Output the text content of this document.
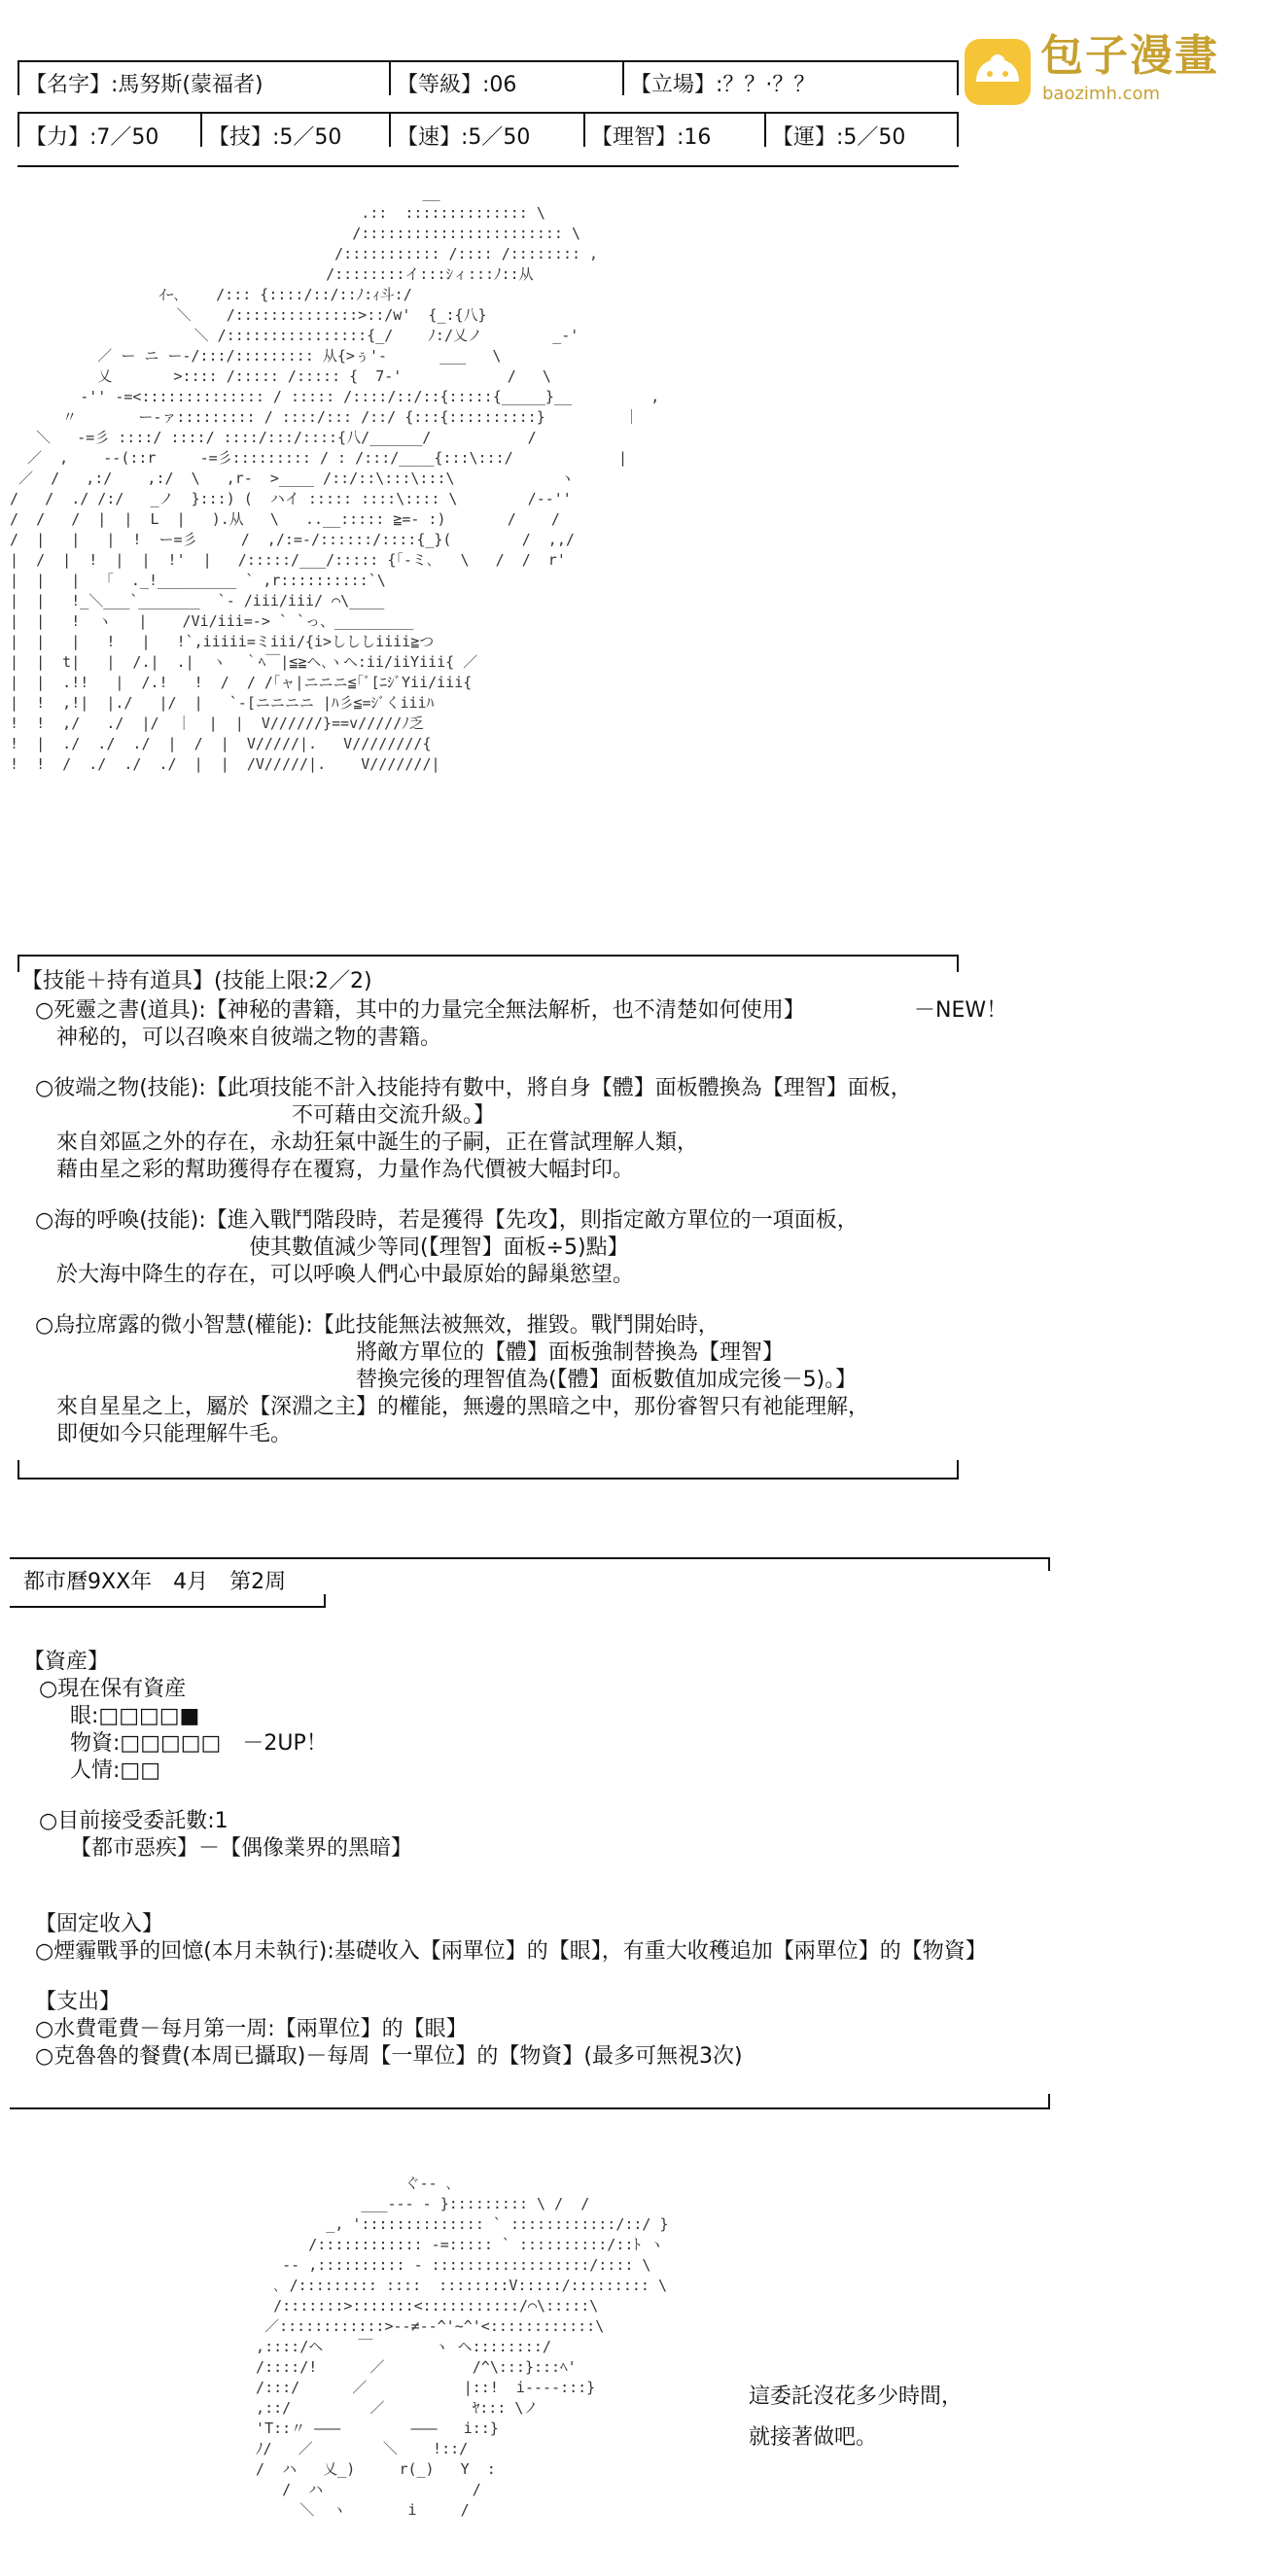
包子漫畫
baozimh.com
【名字】:馬努斯(蒙福者)	【等級】:06	【立場】:？？·？？
【力】:7／50 【技】:5／50	【速】:5／50	【理智】:16	【運】:5／50
__
.::  :::::::::::::: \
/::::::::::::::::::::::: \
/::::::::::: /:::: /:::::::: ,
/::::::::イ:::ｼィ:::ﾉ::从
ｲｰ､    /::: {::::/::/::ﾉ:ｨ斗:/
＼    /::::::::::::::>::/w'  {_:{八}
＼ /::::::::::::::::{_/    ﾉ:/乂ノ        _-'
／ ー ニ ー‐/:::/::::::::: 从{>ぅ'-      ___   \
乂       >:::: /::::: /::::: {  7-'            /   \
-'' -=<:::::::::::::: / ::::: /::::/::/::{:::::{_____}__         ,
〃       ー-ァ::::::::: / ::::/::: /::/ {:::{::::::::::}         ｜
＼   ‐=彡 ::::/ ::::/ ::::/:::/::::{八/______/           /
／  ,    ‐-(::r     ‐=彡::::::::: / : /:::/____{:::\:::/            |
／  /   ,:/    ,:/  \   ,r‐  >____ /::/::\:::\:::\            ヽ
/   /  ./ /:/   _ノ  }:::) (  ハイ ::::: ::::\:::: \        /‐‐''
/  /   /  |  |  L  |   ).从   \   ..__::::: ≧=- :)       /    /
/  |   |   |  !  ー=彡     /  ,/:=-/::::::/::::{_}(        /  ,,/
|  /  |  !  |  |  !'  |   /:::::/___/::::: {｢-ミ､   \   /  /  r'
|  |   |   ｢  ._!_________ ` ,r::::::::::`\
|  |   !_＼___`_______  `- /iii/iii/ ⌒\____
|  |   !  ヽ   |    /Vi/iii=-> ` `っ、_________
|  |   |   !   |   !`,iiiii=ミiii/{i>しししiiii≧つ
|  |  t|   |  /.|  .|  ヽ  ｀ﾍ￣|≦≧ヘ､ヽヘ:ii/iiYiii{ ／
|  |  .!!   |  /.!   !  /  / /｢ャ|ニニニ≦｢ﾞ[ﾆｼﾞYii/iii{
|  !  ,!|  |./   |/  |   `‐[ニニニニ |ﾊ彡≦=ｼﾞくiiiﾊ
!  !  ,/   ./  |/  ｜  |  |  V//////}==v/////ﾉ乏
!  |  ./  ./  ./  |  /  |  V/////|.   V////////{
!  !  /  ./  ./  ./  |  |  /V/////|.    V///////|
【技能＋持有道具】(技能上限:2／2)
－NEW！
○死靈之書(道具):【神秘的書籍，其中的力量完全無法解析，也不清楚如何使用】
　神秘的，可以召喚來自彼端之物的書籍。
○彼端之物(技能):【此項技能不計入技能持有數中，將自身【體】面板體換為【理智】面板，
　　　　　　　　　　　　不可藉由交流升級。】
　來自郊區之外的存在，永劫狂氣中誕生的子嗣，正在嘗試理解人類，
　藉由星之彩的幫助獲得存在覆寫，力量作為代價被大幅封印。
○海的呼喚(技能):【進入戰鬥階段時，若是獲得【先攻】，則指定敵方單位的一項面板，
　　　　　　　　　　使其數值減少等同(【理智】面板÷5)點】
　於大海中降生的存在，可以呼喚人們心中最原始的歸巢慾望。
○烏拉席露的微小智慧(權能):【此技能無法被無效，摧毀。戰鬥開始時，
　　　　　　　　　　　　　　　將敵方單位的【體】面板強制替換為【理智】
　　　　　　　　　　　　　　　替換完後的理智值為(【體】面板數值加成完後－5)。】
　來自星星之上，屬於【深淵之主】的權能，無邊的黑暗之中，那份睿智只有祂能理解，
　即便如今只能理解牛毛。
都市曆9XX年　4月　第2周
【資産】
○現在保有資産
眼:□□□□■
物資:□□□□□　－2UP！
人情:□□
○目前接受委託數:1
【都市惡疾】－【偶像業界的黑暗】
【固定收入】
○煙霾戰爭的回憶(本月未執行):基礎收入【兩單位】的【眼】，有重大收穫追加【兩單位】的【物資】
【支出】
○水費電費－每月第一周:【兩單位】的【眼】
○克魯魯的餐費(本周已攝取)－每周【一單位】的【物資】(最多可無視3次)
ぐ-‐ ､
___-‐- - }::::::::: \ /  /
_, ':::::::::::::: ` ::::::::::::/::/ }
/:::::::::::: -=::::: ` ::::::::::/::ﾄ ヽ
-‐ ,:::::::::: ‐ ::::::::::::::::::/:::: \
､ /::::::::: ::::  ::::::::V:::::/::::::::: \
/:::::::>:::::::<:::::::::::/⌒\:::::\
／::::::::::::>‐‐≠‐‐^'~^'<::::::::::::\
,::::/ヘ    ￣       ヽ ヘ::::::::/
/::::/!      ／          /^\:::}:::ﾍ'
/:::/      ／           |::!  i----:::}
,::/         ／          ﾔ::: \ノ
'T::〃 ―――        ―――   i::}
ﾉ/   ／        ＼    !::/
/  ハ   乂_)     r(_)   Y  :
/  ハ                 /
＼  ヽ       i     /
這委託沒花多少時間，
就接著做吧。
